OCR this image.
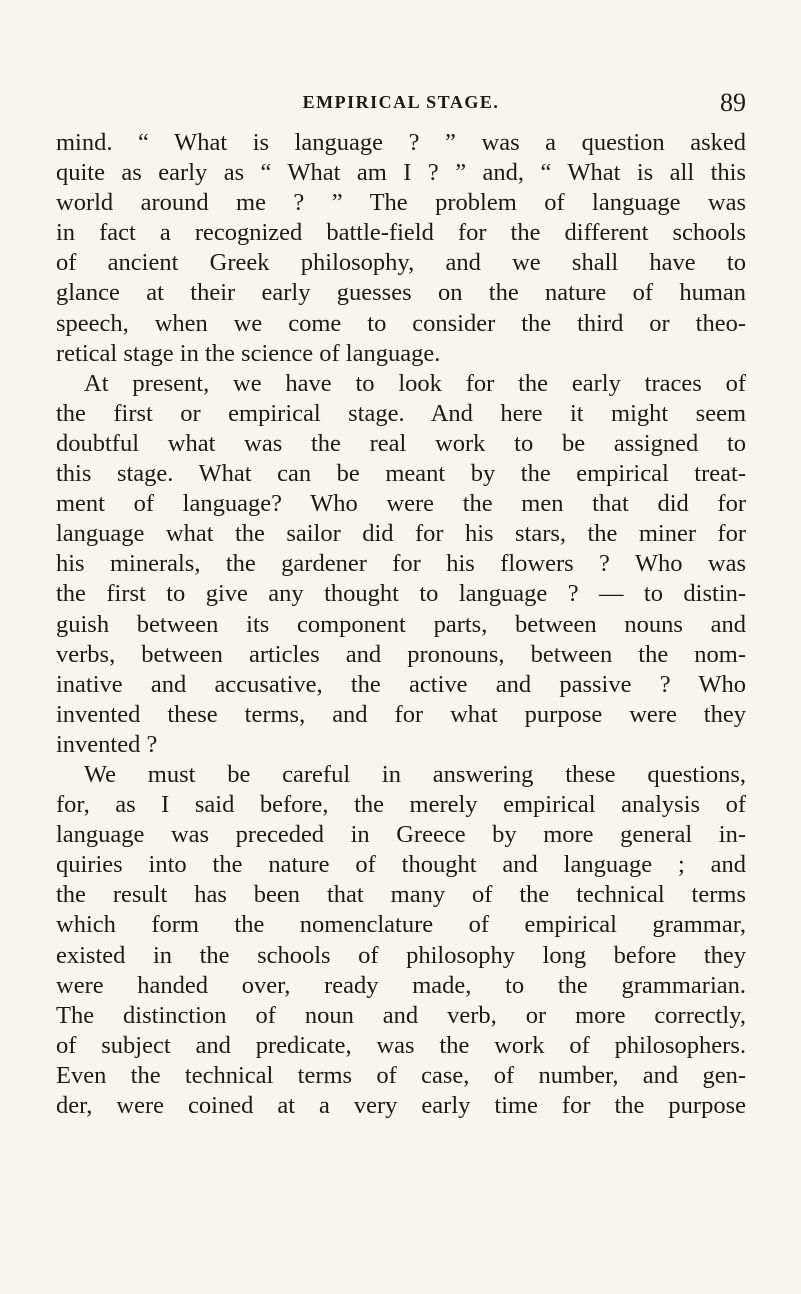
EMPIRICAL STAGE.	89
mind. “ What is language ? ” was a question asked
quite as early as “ What am I ? ” and, “ What is all this
world around me ? ” The problem of language was
in fact a recognized battle-field for the different schools
of ancient Greek philosophy, and we shall have to
glance at their early guesses on the nature of human
speech, when we come to consider the third or theo-
retical stage in the science of language.
At present, we have to look for the early traces of
the first or empirical stage. And here it might seem
doubtful what was the real work to be assigned to
this stage. What can be meant by the empirical treat-
ment of language? Who were the men that did for
language what the sailor did for his stars, the miner for
his minerals, the gardener for his flowers ? Who was
the first to give any thought to language ? — to distin-
guish between its component parts, between nouns and
verbs, between articles and pronouns, between the nom-
inative and accusative, the active and passive ? Who
invented these terms, and for what purpose were they
invented ?
We must be careful in answering these questions,
for, as I said before, the merely empirical analysis of
language was preceded in Greece by more general in-
quiries into the nature of thought and language ; and
the result has been that many of the technical terms
which form the nomenclature of empirical grammar,
existed in the schools of philosophy long before they
were handed over, ready made, to the grammarian.
The distinction of noun and verb, or more correctly,
of subject and predicate, was the work of philosophers.
Even the technical terms of case, of number, and gen-
der, were coined at a very early time for the purpose
